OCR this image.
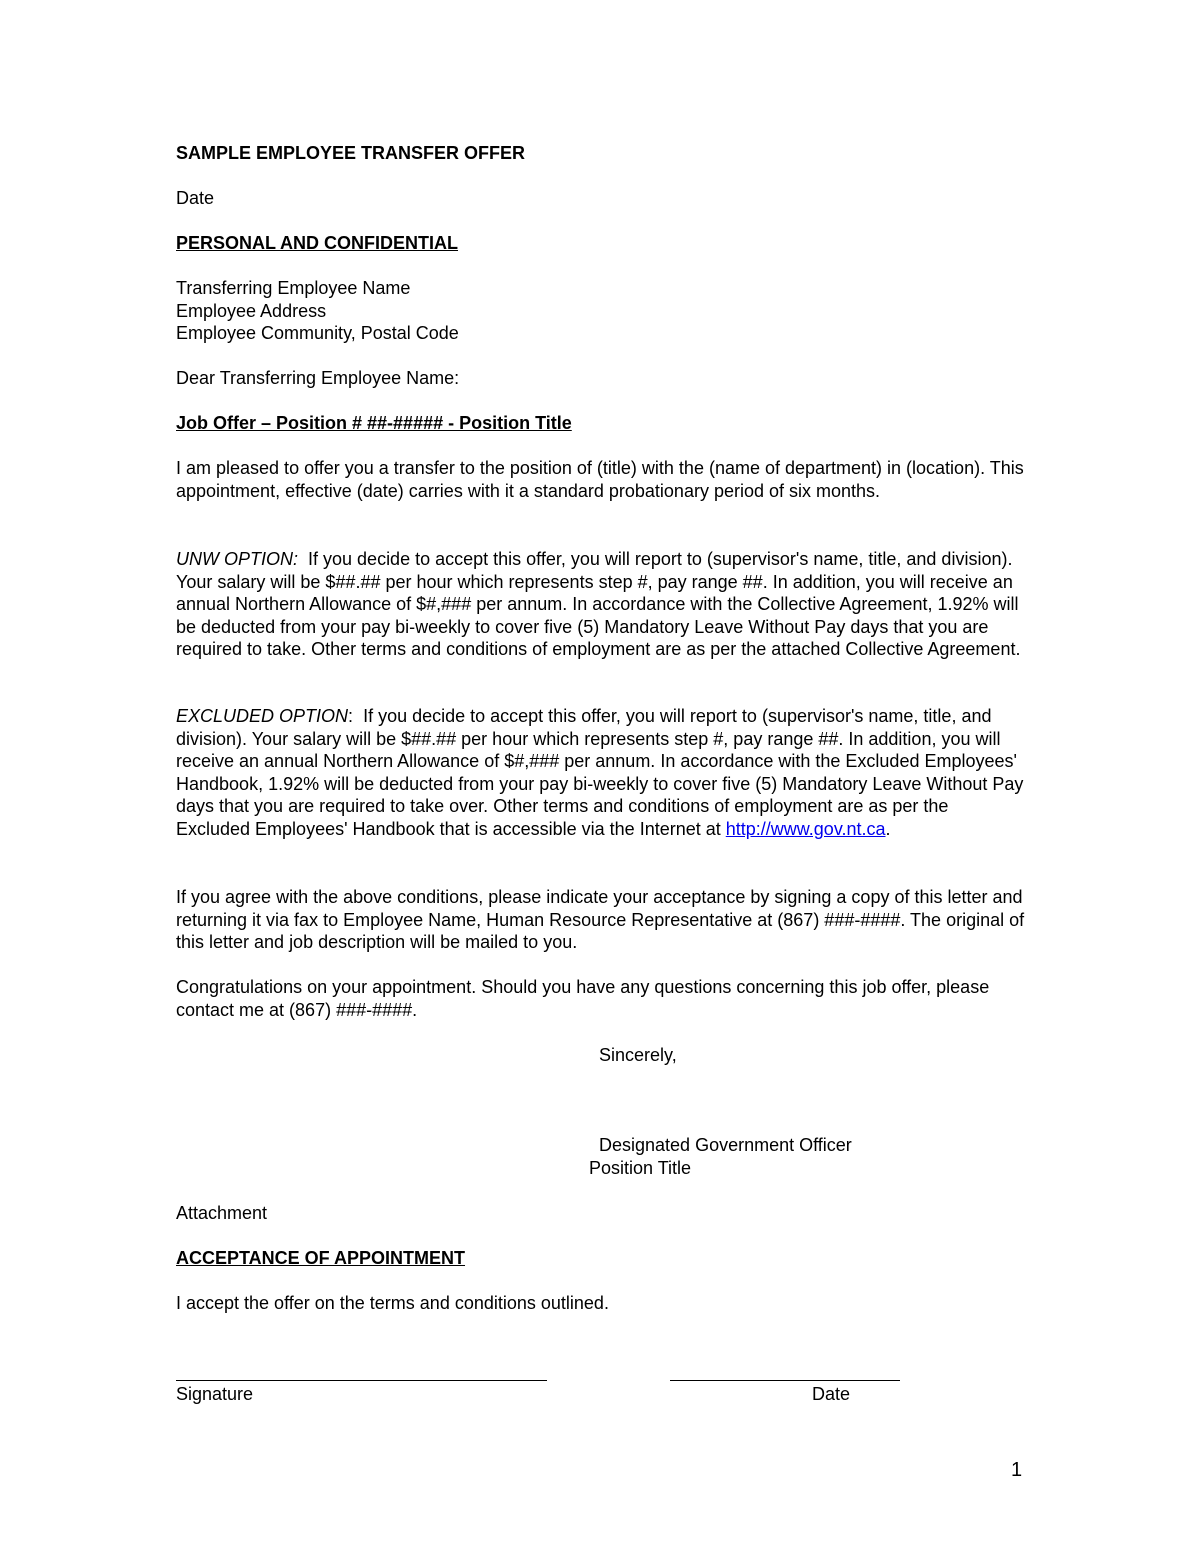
SAMPLE EMPLOYEE TRANSFER OFFER
Date
PERSONAL AND CONFIDENTIAL
Transferring Employee Name
Employee Address
Employee Community, Postal Code
Dear Transferring Employee Name:
Job Offer – Position # ##-##### - Position Title
I am pleased to offer you a transfer to the position of (title) with the (name of department) in (location). This appointment, effective (date) carries with it a standard probationary period of six months.
UNW OPTION: If you decide to accept this offer, you will report to (supervisor's name, title, and division). Your salary will be $##.## per hour which represents step #, pay range ##. In addition, you will receive an annual Northern Allowance of $#,### per annum. In accordance with the Collective Agreement, 1.92% will be deducted from your pay bi-weekly to cover five (5) Mandatory Leave Without Pay days that you are required to take. Other terms and conditions of employment are as per the attached Collective Agreement.
EXCLUDED OPTION: If you decide to accept this offer, you will report to (supervisor's name, title, and division). Your salary will be $##.## per hour which represents step #, pay range ##. In addition, you will receive an annual Northern Allowance of $#,### per annum. In accordance with the Excluded Employees' Handbook, 1.92% will be deducted from your pay bi-weekly to cover five (5) Mandatory Leave Without Pay days that you are required to take over. Other terms and conditions of employment are as per the Excluded Employees' Handbook that is accessible via the Internet at http://www.gov.nt.ca.
If you agree with the above conditions, please indicate your acceptance by signing a copy of this letter and returning it via fax to Employee Name, Human Resource Representative at (867) ###-####. The original of this letter and job description will be mailed to you.
Congratulations on your appointment. Should you have any questions concerning this job offer, please contact me at (867) ###-####.
Sincerely,
Designated Government Officer
Position Title
Attachment
ACCEPTANCE OF APPOINTMENT
I accept the offer on the terms and conditions outlined.
Signature	Date
1
